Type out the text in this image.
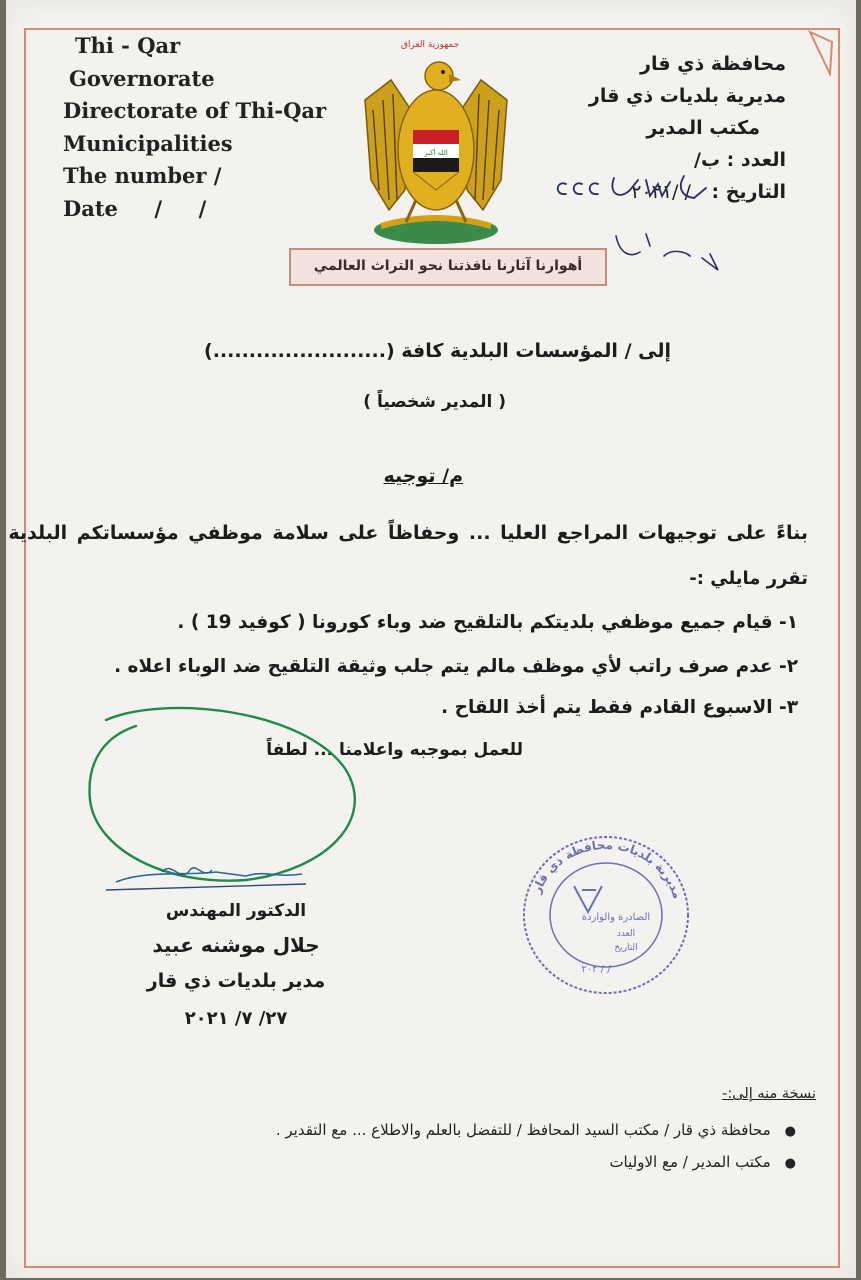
Thi - Qar
Governorate
Directorate of Thi-Qar
Municipalities
The number /
Date     /     /
محافظة ذي قار
مديرية بلديات ذي قار
مكتب المدير
العدد : ب/
التاريخ : / /٢٠٢١
جمهورية العراق
الله أكبر
أهوارنا آثارنا نافذتنا نحو التراث العالمي
إلى / المؤسسات البلدية كافة (........................)
( المدير شخصياً )
م/ توجيه
بناءً على توجيهات المراجع العليا ... وحفاظاً على سلامة موظفي مؤسساتكم البلدية
تقرر مايلي :-
١- قيام جميع موظفي بلديتكم بالتلقيح ضد وباء كورونا ( كوفيد 19 ) .
٢- عدم صرف راتب لأي موظف مالم يتم جلب وثيقة التلقيح ضد الوباء اعلاه .
٣- الاسبوع القادم فقط يتم أخذ اللقاح .
للعمل بموجبه واعلامنا ... لطفاً
الدكتور المهندس
جلال موشنه عبيد
مدير بلديات ذي قار
٢٧/ ٧/ ٢٠٢١
مديرية بلديات محافظة ذي قار
الصادرة والواردة
العدد
التاريخ
٢٠٢ / /
نسخة منه إلى:-
●محافظة ذي قار / مكتب السيد المحافظ / للتفضل بالعلم والاطلاع ... مع التقدير .
●مكتب المدير / مع الاوليات
